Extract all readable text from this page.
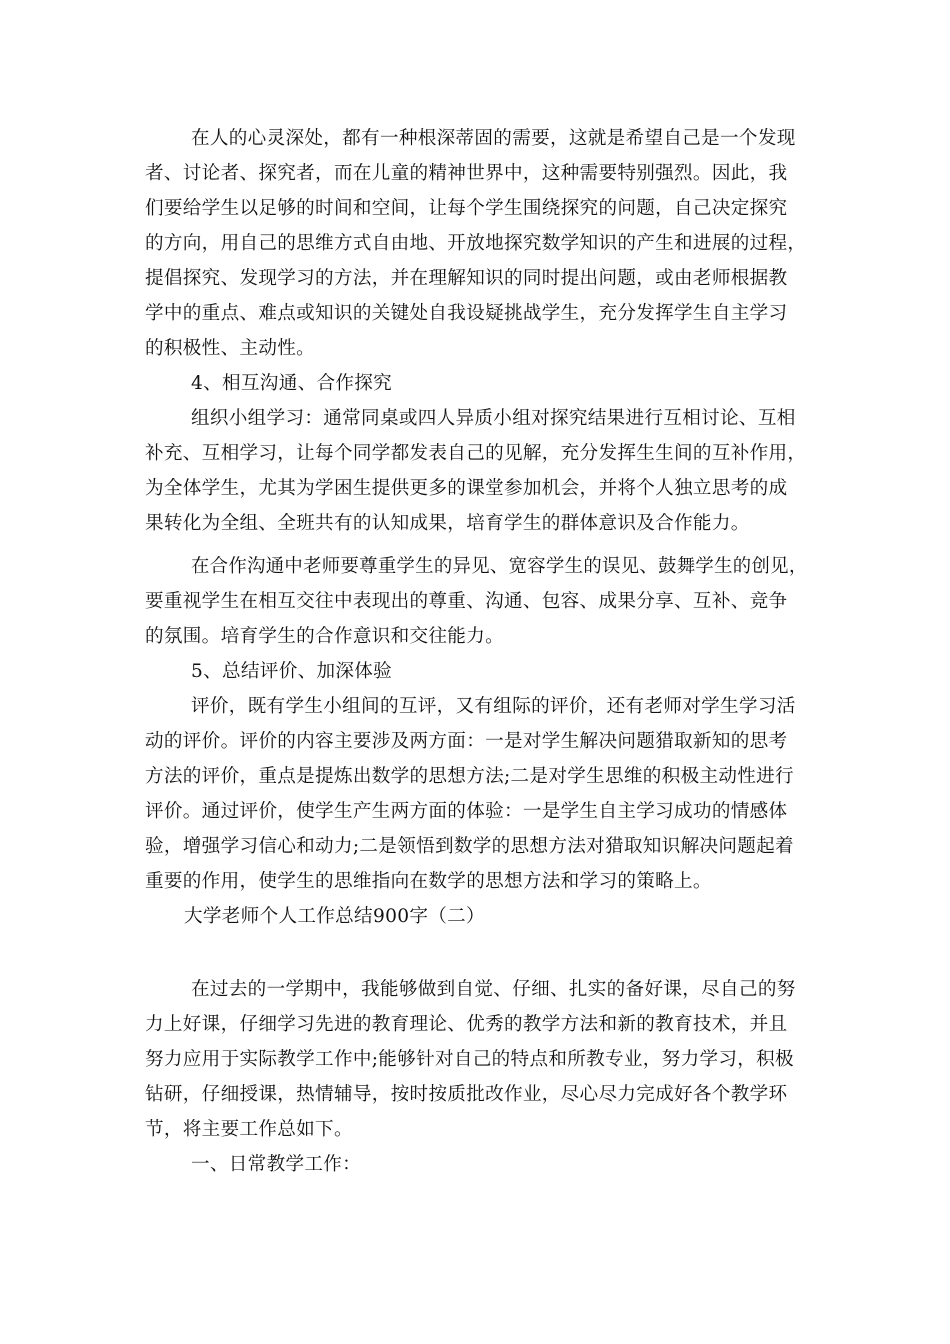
在人的心灵深处，都有一种根深蒂固的需要，这就是希望自己是一个发现
者、讨论者、探究者，而在儿童的精神世界中，这种需要特别强烈。因此，我
们要给学生以足够的时间和空间，让每个学生围绕探究的问题，自己决定探究
的方向，用自己的思维方式自由地、开放地探究数学知识的产生和进展的过程，
提倡探究、发现学习的方法，并在理解知识的同时提出问题，或由老师根据教
学中的重点、难点或知识的关键处自我设疑挑战学生，充分发挥学生自主学习
的积极性、主动性。
4、相互沟通、合作探究
组织小组学习：通常同桌或四人异质小组对探究结果进行互相讨论、互相
补充、互相学习，让每个同学都发表自己的见解，充分发挥生生间的互补作用，
为全体学生，尤其为学困生提供更多的课堂参加机会，并将个人独立思考的成
果转化为全组、全班共有的认知成果，培育学生的群体意识及合作能力。
在合作沟通中老师要尊重学生的异见、宽容学生的误见、鼓舞学生的创见，
要重视学生在相互交往中表现出的尊重、沟通、包容、成果分享、互补、竞争
的氛围。培育学生的合作意识和交往能力。
5、总结评价、加深体验
评价，既有学生小组间的互评，又有组际的评价，还有老师对学生学习活
动的评价。评价的内容主要涉及两方面：一是对学生解决问题猎取新知的思考
方法的评价，重点是提炼出数学的思想方法;二是对学生思维的积极主动性进行
评价。通过评价，使学生产生两方面的体验：一是学生自主学习成功的情感体
验，增强学习信心和动力;二是领悟到数学的思想方法对猎取知识解决问题起着
重要的作用，使学生的思维指向在数学的思想方法和学习的策略上。
大学老师个人工作总结900字（二）
在过去的一学期中，我能够做到自觉、仔细、扎实的备好课，尽自己的努
力上好课，仔细学习先进的教育理论、优秀的教学方法和新的教育技术，并且
努力应用于实际教学工作中;能够针对自己的特点和所教专业，努力学习，积极
钻研，仔细授课，热情辅导，按时按质批改作业，尽心尽力完成好各个教学环
节，将主要工作总如下。
一、日常教学工作：
